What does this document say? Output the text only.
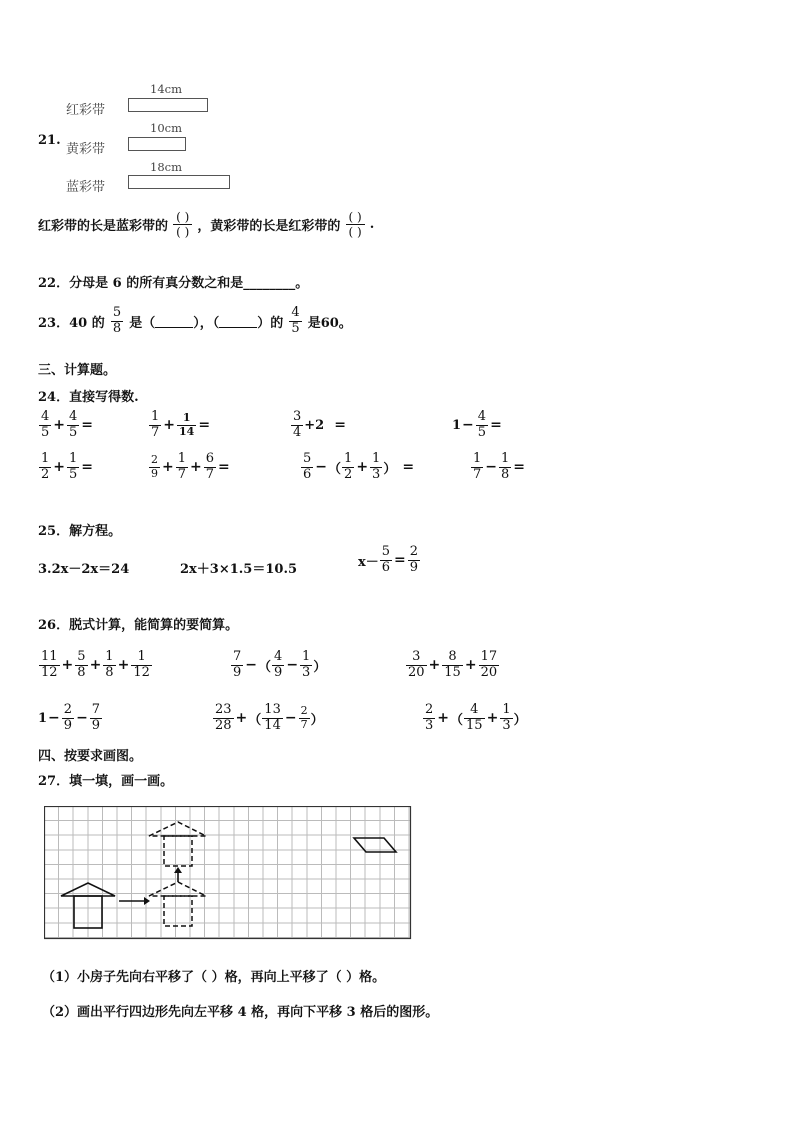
21.
红彩带
14cm
黄彩带
10cm
蓝彩带
18cm
红彩带的长是蓝彩带的
( )
( ) ，黄彩带的长是红彩带的
( )
( ) .
22．分母是 6 的所有真分数之和是________。
23．40 的 $\frac{5}{8}$ 是（	），（	）的 $\frac{4}{5}$ 是60。
三、计算题。
24．直接写得数.
$\frac{4}{5} + \frac{4}{5}$ =	$\frac{1}{7} + \frac{1}{14}$ =	$\frac{3}{4} +2$ =	$1- \frac{4}{5}$ =
$\frac{1}{2} + \frac{1}{5}$ =	$\frac{2}{9} + \frac{1}{7} + \frac{6}{7}$ =	$\frac{5}{6}$ −（ $\frac{1}{2} + \frac{1}{3}$ ） =	$\frac{1}{7} - \frac{1}{8}$ =
25．解方程。
3.2x－2x＝24	2x＋3×1.5＝10.5	$x- \frac{5}{6} = \frac{2}{9}$
26．脱式计算，能简算的要简算。
$\frac{11}{12} + \frac{5}{8} + \frac{1}{8} + \frac{1}{12}$	$\frac{7}{9}$ −（ $\frac{4}{9} - \frac{1}{3}$ ）	$\frac{3}{20} + \frac{8}{15} + \frac{17}{20}$
$1- \frac{2}{9} - \frac{7}{9}$	$\frac{23}{28}$ +（ $\frac{13}{14} - \frac{2}{7}$ ）	$\frac{2}{3}$ +（ $\frac{4}{15} + \frac{1}{3}$ ）
四、按要求画图。
27．填一填，画一画。
（1）小房子先向右平移了（ ）格，再向上平移了（ ）格。
（2）画出平行四边形先向左平移 4 格，再向下平移 3 格后的图形。
